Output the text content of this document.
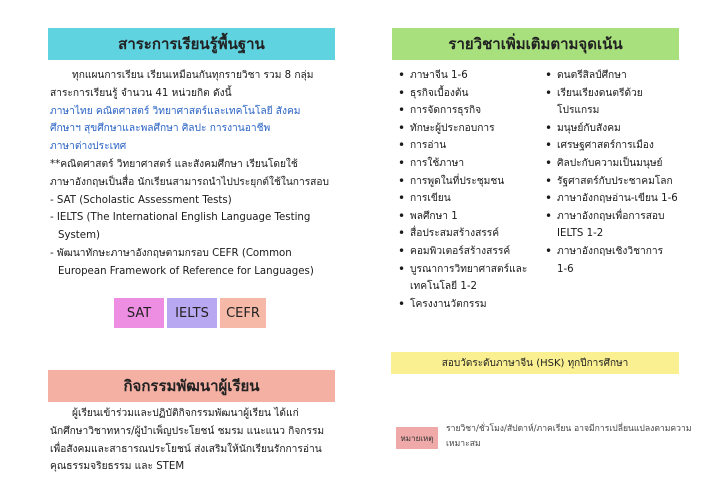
สาระการเรียนรู้พื้นฐาน

ทุกแผนการเรียน เรียนเหมือนกันทุกรายวิชา รวม 8 กลุ่ม

สาระการเรียนรู้ จำนวน 41 หน่วยกิต ดังนี้

ภาษาไทย คณิตศาสตร์ วิทยาศาสตร์และเทคโนโลยี สังคม

ศึกษาฯ สุขศึกษาและพลศึกษา ศิลปะ การงานอาชีพ

ภาษาต่างประเทศ

**คณิตศาสตร์ วิทยาศาสตร์ และสังคมศึกษา เรียนโดยใช้

ภาษาอังกฤษเป็นสื่อ นักเรียนสามารถนำไปประยุกต์ใช้ในการสอบ

- SAT (Scholastic Assessment Tests)

- IELTS (The International English Language Testing

System)

- พัฒนาทักษะภาษาอังกฤษตามกรอบ CEFR (Common

European Framework of Reference for Languages)

SAT	IELTS	CEFR
กิจกรรมพัฒนาผู้เรียน

ผู้เรียนเข้าร่วมและปฏิบัติกิจกรรมพัฒนาผู้เรียน ได้แก่

นักศึกษาวิชาทหาร/ผู้บำเพ็ญประโยชน์ ชมรม แนะแนว กิจกรรม

เพื่อสังคมและสาธารณประโยชน์ ส่งเสริมให้นักเรียนรักการอ่าน

คุณธรรมจริยธรรม และ STEM

รายวิชาเพิ่มเติมตามจุดเน้น
• ภาษาจีน 1-6
• ธุรกิจเบื้องต้น
• การจัดการธุรกิจ
• ทักษะผู้ประกอบการ
• การอ่าน
• การใช้ภาษา
• การพูดในที่ประชุมชน
• การเขียน
• พลศึกษา 1
• สื่อประสมสร้างสรรค์
• คอมพิวเตอร์สร้างสรรค์
• บูรณาการวิทยาศาสตร์และ
เทคโนโลยี 1-2
• โครงงานวัตกรรม
• ดนตรีสิลป์ศึกษา
• เรียนเรียงดนตรีด้วย
โปรแกรม
• มนุษย์กับสังคม
• เศรษฐศาสตร์การเมือง
• ศิลปะกับความเป็นมนุษย์
• รัฐศาสตร์กับประชาคมโลก
• ภาษาอังกฤษอ่าน-เขียน 1-6
• ภาษาอังกฤษเพื่อการสอบ
IELTS 1-2
• ภาษาอังกฤษเชิงวิชาการ
1-6
สอบวัดระดับภาษาจีน (HSK) ทุกปีการศึกษา
หมายเหตุ
รายวิชา/ชั่วโมง/สัปดาห์/ภาคเรียน อาจมีการเปลี่ยนแปลงตามความเหมาะสม
